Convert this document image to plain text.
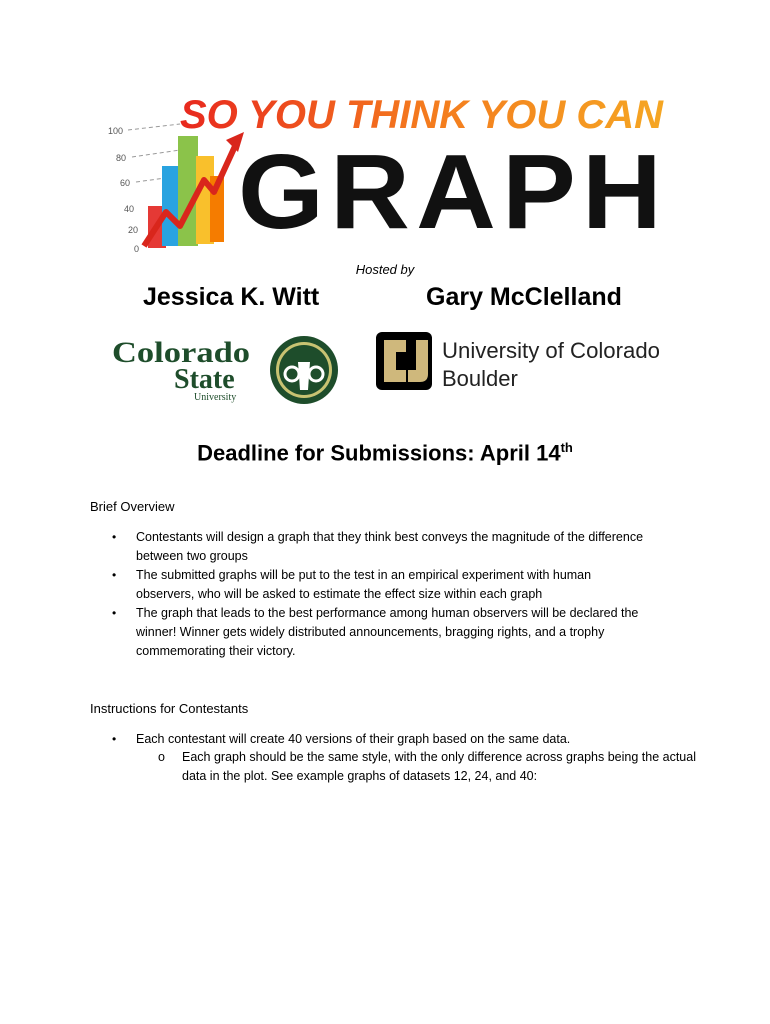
100
80
60
40
20
0
SO YOU THINK YOU CAN
GRAPH
Hosted by
Jessica K. Witt	Gary McClelland
Colorado
State
University
University of Colorado
Boulder
Deadline for Submissions: April 14th
Brief Overview
• Contestants will design a graph that they think best conveys the magnitude of the difference between two groups
• The submitted graphs will be put to the test in an empirical experiment with human observers, who will be asked to estimate the effect size within each graph
• The graph that leads to the best performance among human observers will be declared the winner! Winner gets widely distributed announcements, bragging rights, and a trophy commemorating their victory.
Instructions for Contestants
• Each contestant will create 40 versions of their graph based on the same data.
o Each graph should be the same style, with the only difference across graphs being the actual data in the plot. See example graphs of datasets 12, 24, and 40:
